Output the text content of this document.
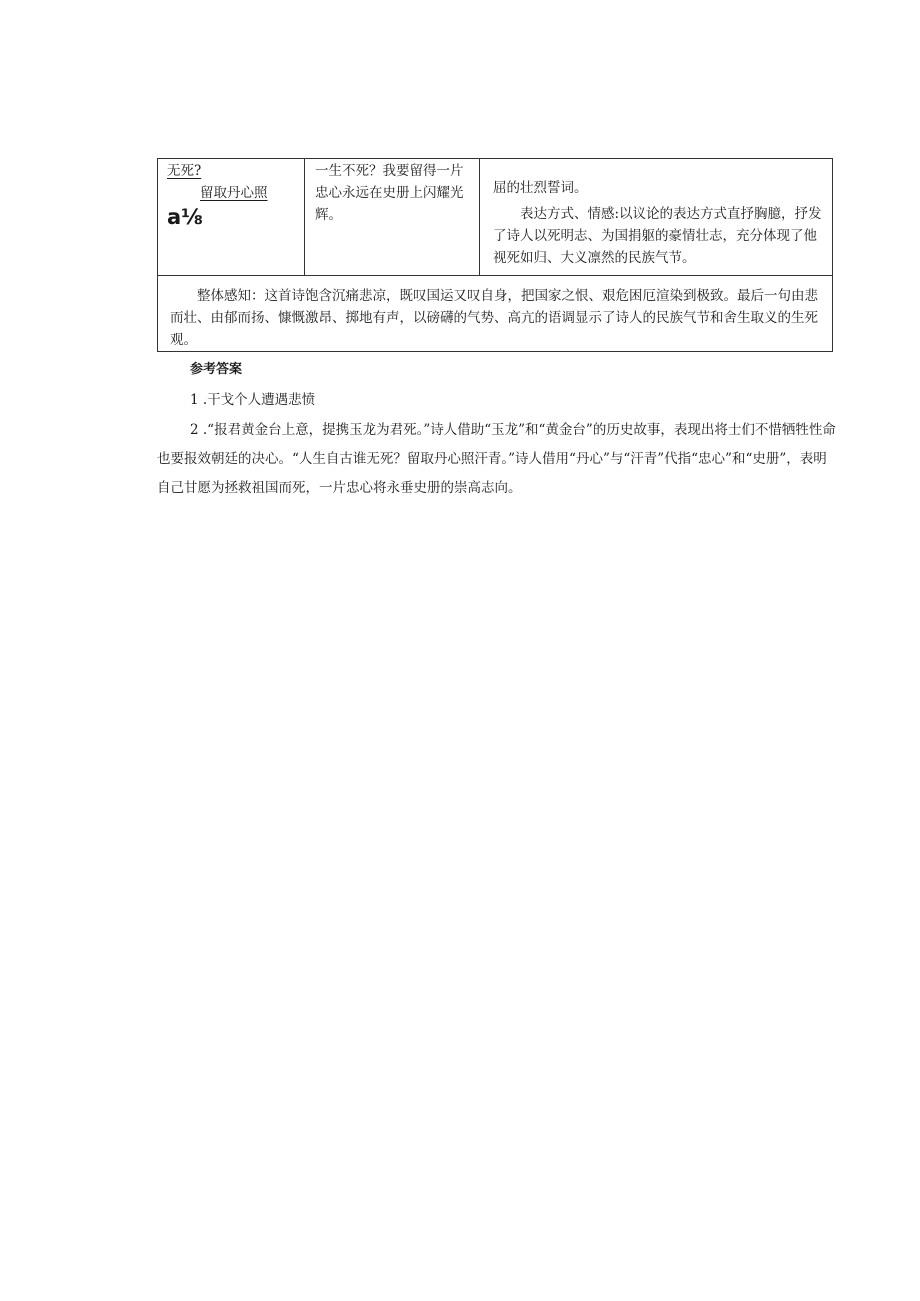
无死?
留取丹心照
a⅛
一生不死？我要留得一片忠心永远在史册上闪耀光辉。
屈的壮烈誓词。
表达方式、情感:以议论的表达方式直抒胸臆，抒发了诗人以死明志、为国捐躯的豪情壮志，充分体现了他视死如归、大义凛然的民族气节。
整体感知：这首诗饱含沉痛悲凉，既叹国运又叹自身，把国家之恨、艰危困厄渲染到极致。最后一句由悲而壮、由郁而扬、慷慨激昂、掷地有声，以磅礴的气势、高亢的语调显示了诗人的民族气节和舍生取义的生死观。
参考答案
1 .干戈个人遭遇悲愤
2 .“报君黄金台上意，提携玉龙为君死。”诗人借助“玉龙”和“黄金台”的历史故事，表现出将士们不惜牺牲性命也要报效朝廷的决心。“人生自古谁无死？留取丹心照汗青。”诗人借用“丹心”与“汗青”代指“忠心”和“史册”，表明自己甘愿为拯救祖国而死，一片忠心将永垂史册的崇高志向。
